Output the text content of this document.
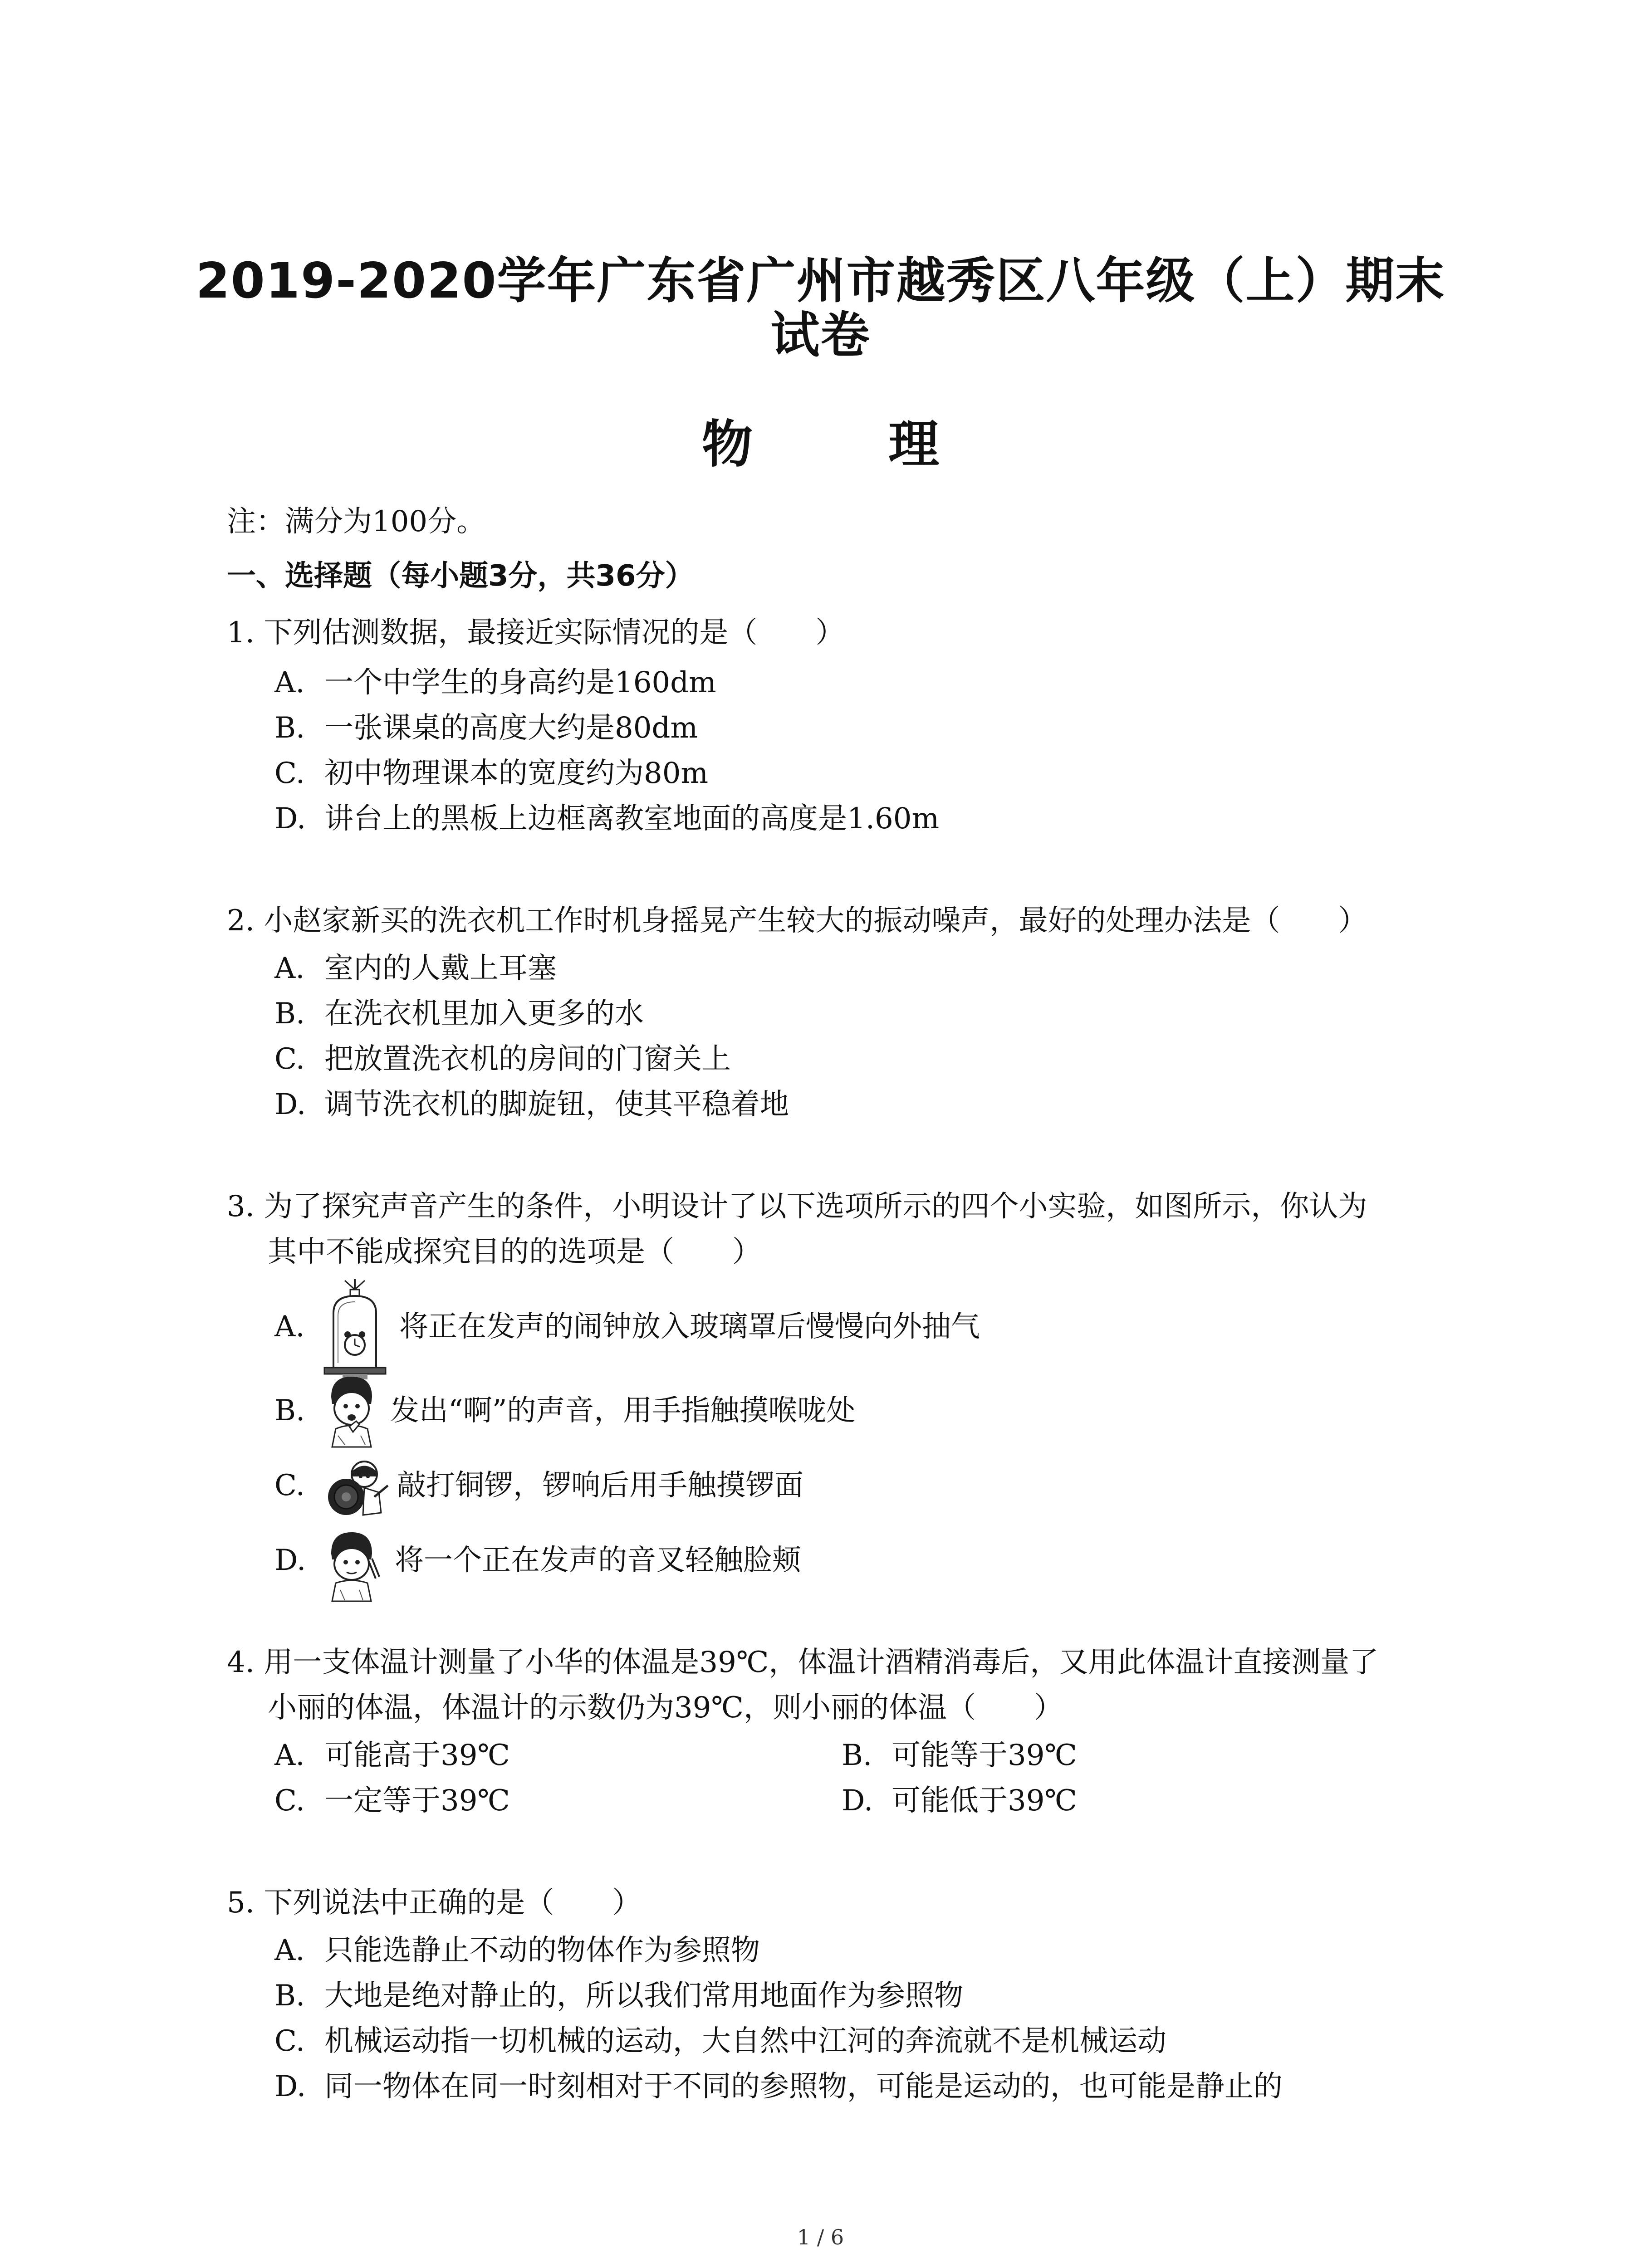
2019-2020学年广东省广州市越秀区八年级（上）期末
试卷
物 理
注：满分为100分。
一、选择题（每小题3分，共36分）
1. 下列估测数据，最接近实际情况的是（　　）
A. 一个中学生的身高约是160dm
B. 一张课桌的高度大约是80dm
C. 初中物理课本的宽度约为80m
D. 讲台上的黑板上边框离教室地面的高度是1.60m
2. 小赵家新买的洗衣机工作时机身摇晃产生较大的振动噪声，最好的处理办法是（　　）
A. 室内的人戴上耳塞
B. 在洗衣机里加入更多的水
C. 把放置洗衣机的房间的门窗关上
D. 调节洗衣机的脚旋钮，使其平稳着地
3. 为了探究声音产生的条件，小明设计了以下选项所示的四个小实验，如图所示，你认为
其中不能成探究目的的选项是（　　）
A.	将正在发声的闹钟放入玻璃罩后慢慢向外抽气
B.	发出“啊”的声音，用手指触摸喉咙处
C.	敲打铜锣，锣响后用手触摸锣面
D.	将一个正在发声的音叉轻触脸颊
4. 用一支体温计测量了小华的体温是39℃，体温计酒精消毒后，又用此体温计直接测量了
小丽的体温，体温计的示数仍为39℃，则小丽的体温（　　）
A. 可能高于39℃	B. 可能等于39℃
C. 一定等于39℃	D. 可能低于39℃
5. 下列说法中正确的是（　　）
A. 只能选静止不动的物体作为参照物
B. 大地是绝对静止的，所以我们常用地面作为参照物
C. 机械运动指一切机械的运动，大自然中江河的奔流就不是机械运动
D. 同一物体在同一时刻相对于不同的参照物，可能是运动的，也可能是静止的
1 / 6
